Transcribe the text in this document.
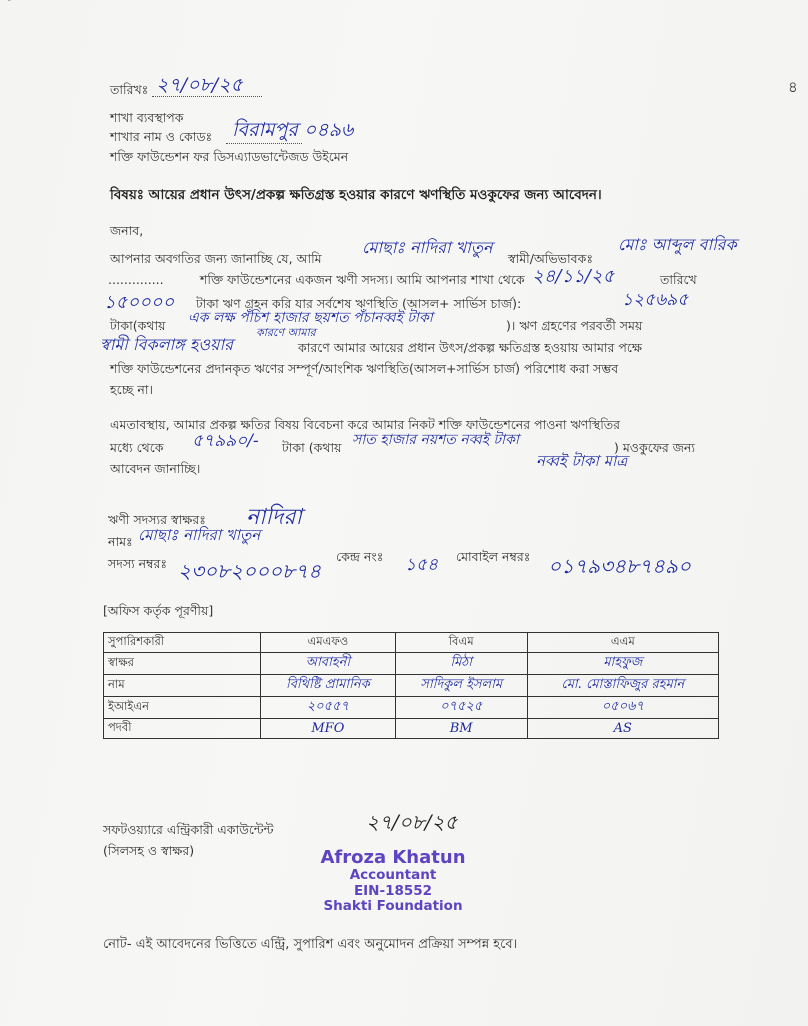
৪
তারিখঃ ২৭/০৮/২৫
শাখা ব্যবস্থাপক
শাখার নাম ও কোডঃ বিরামপুর ০৪৯৬
শক্তি ফাউন্ডেশন ফর ডিসএ্যাডভান্টেজড উইমেন
বিষয়ঃ আয়ের প্রধান উৎস/প্রকল্প ক্ষতিগ্রস্ত হওয়ার কারণে ঋণস্থিতি মওকুফের জন্য আবেদন।
জনাব,
আপনার অবগতির জন্য জানাচ্ছি যে, আমি
মোছাঃ নাদিরা খাতুন
স্বামী/অভিভাবকঃ
মোঃ আব্দুল বারিক
..............	শক্তি ফাউন্ডেশনের একজন ঋণী সদস্য। আমি আপনার শাখা থেকে ২৪/১১/২৫	তারিখে
১৫০০০০ টাকা ঋণ গ্রহন করি যার সর্বশেষ ঋণস্থিতি (আসল+ সার্ভিস চার্জ):	১২৫৬৯৫
টাকা(কথায় এক লক্ষ পঁচিশ হাজার ছয়শত পঁচানব্বই টাকা	)। ঋণ গ্রহণের পরবর্তী সময়
স্বামী বিকলাঙ্গ হওয়ার
কারণে আমার
কারণে আমার আয়ের প্রধান উৎস/প্রকল্প ক্ষতিগ্রস্ত হওয়ায় আমার পক্ষে
শক্তি ফাউন্ডেশনের প্রদানকৃত ঋণের সম্পূর্ণ/আংশিক ঋণস্থিতি(আসল+সার্ভিস চার্জ) পরিশোধ করা সম্ভব
হচ্ছে না।
এমতাবস্থায়, আমার প্রকল্প ক্ষতির বিষয় বিবেচনা করে আমার নিকট শক্তি ফাউন্ডেশনের পাওনা ঋণস্থিতির
মধ্যে থেকে ৫৭৯৯০/- টাকা (কথায় সাত হাজার নয়শত নব্বই টাকা	) মওকুফের জন্য
নব্বই টাকা মাত্র
আবেদন জানাচ্ছি।
ঋণী সদস্যর স্বাক্ষরঃ নাদিরা
নামঃ মোছাঃ নাদিরা খাতুন
সদস্য নম্বরঃ ২৩০৮২০০০৮৭৪
কেন্দ্র নংঃ ১৫৪ মোবাইল নম্বরঃ ০১৭৯৩৪৮৭৪৯০
[অফিস কর্তৃক পূরণীয়]
সুপারিশকারী	এমএফও	বিএম	এএম
স্বাক্ষর	আবাহনী	মিঠা	মাহফুজ
নাম	বিথিষ্টি প্রামানিক	সাদিকুল ইসলাম	মো. মোস্তাফিজুর রহমান
ইআইএন	২০৫৫৭	০৭৫২৫	০৫০৬৭
পদবী	MFO	BM	AS
সফটওয়্যারে এন্ট্রিকারী একাউন্টেন্ট
(সিলসহ ও স্বাক্ষর)
২৭/০৮/২৫
Afroza Khatun
Accountant
EIN-18552
Shakti Foundation
নোট- এই আবেদনের ভিত্তিতে এন্ট্রি, সুপারিশ এবং অনুমোদন প্রক্রিয়া সম্পন্ন হবে।
